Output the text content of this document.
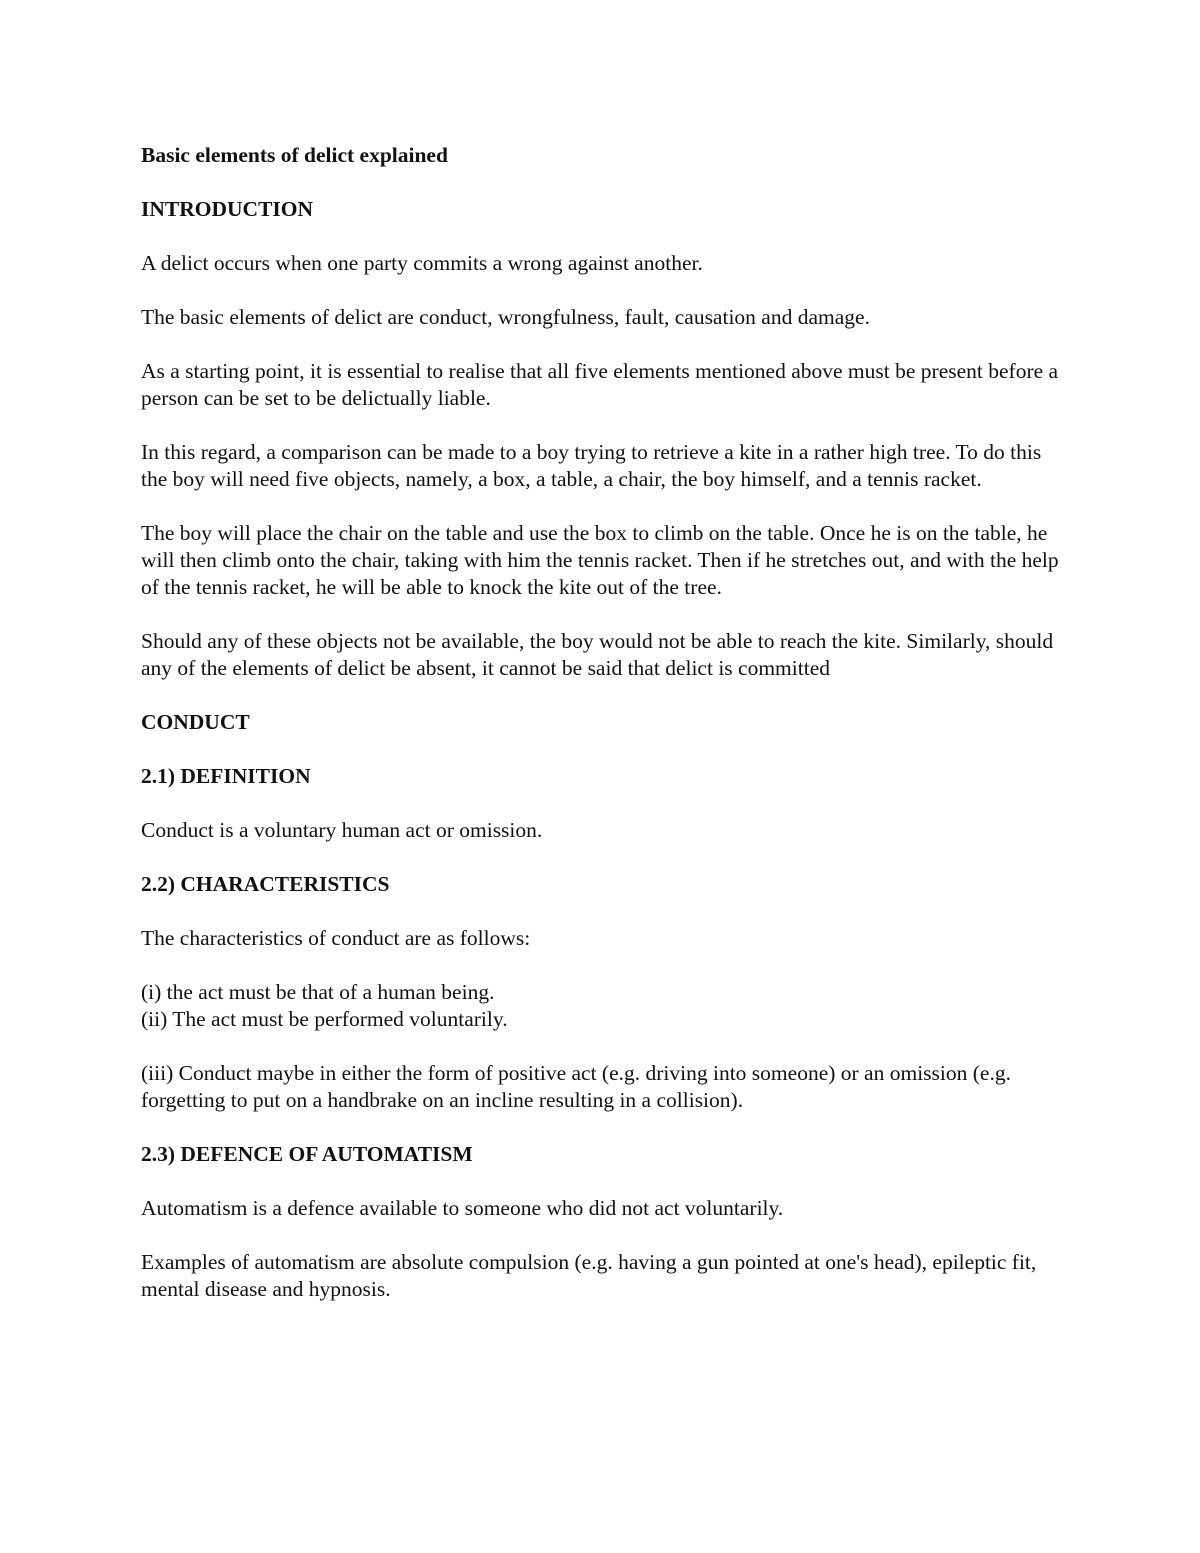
Basic elements of delict explained
INTRODUCTION

A delict occurs when one party commits a wrong against another.

The basic elements of delict are conduct, wrongfulness, fault, causation and damage.

As a starting point, it is essential to realise that all five elements mentioned above must be present before a person can be set to be delictually liable.

In this regard, a comparison can be made to a boy trying to retrieve a kite in a rather high tree. To do this the boy will need five objects, namely, a box, a table, a chair, the boy himself, and a tennis racket.

The boy will place the chair on the table and use the box to climb on the table. Once he is on the table, he will then climb onto the chair, taking with him the tennis racket. Then if he stretches out, and with the help of the tennis racket, he will be able to knock the kite out of the tree.

Should any of these objects not be available, the boy would not be able to reach the kite. Similarly, should any of the elements of delict be absent, it cannot be said that delict is committed

CONDUCT
2.1) DEFINITION

Conduct is a voluntary human act or omission.

2.2) CHARACTERISTICS

The characteristics of conduct are as follows:

(i) the act must be that of a human being.

(ii) The act must be performed voluntarily.

(iii) Conduct maybe in either the form of positive act (e.g. driving into someone) or an omission (e.g. forgetting to put on a handbrake on an incline resulting in a collision).

2.3) DEFENCE OF AUTOMATISM

Automatism is a defence available to someone who did not act voluntarily.

Examples of automatism are absolute compulsion (e.g. having a gun pointed at one's head), epileptic fit, mental disease and hypnosis.
